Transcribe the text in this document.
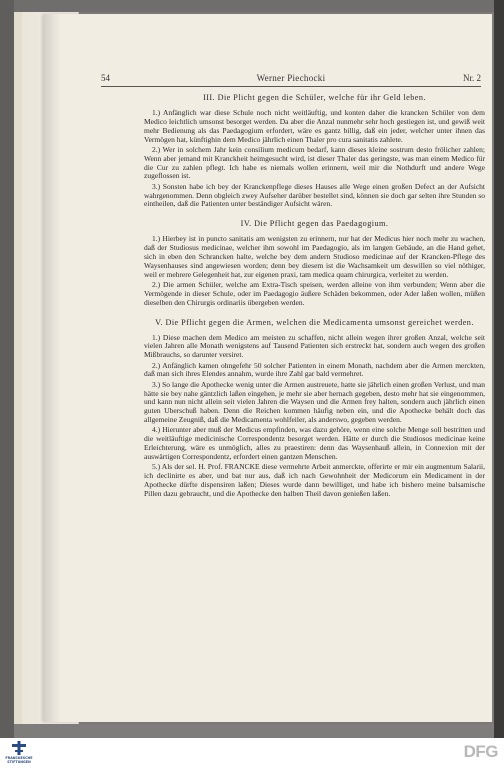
54	Werner Piechocki	Nr. 2
III. Die Plicht gegen die Schüler, welche für ihr Geld leben.

1.) Anfänglich war diese Schule noch nicht weitläuftig, und konten daher die krancken Schüler von dem Medico leichtlich umsonst besorget werden. Da aber die Anzal nunmehr sehr hoch gestiegen ist, und gewiß weit mehr Bedienung als das Paedagogium erfordert, wäre es gantz billig, daß ein jeder, welcher unter ihnen das Vermögen hat, künftighin dem Medico jährlich einen Thaler pro cura sanitatis zahlete.

2.) Wer in solchem Jahr kein consilium medicum bedarf, kann dieses kleine sostrum desto frölicher zahlen; Wenn aber jemand mit Kranckheit heimgesucht wird, ist dieser Thaler das geringste, was man einem Medico für die Cur zu zahlen pflegt. Ich habe es niemals wollen erinnern, weil mir die Nothdurft und andere Wege zugeflossen ist.

3.) Sonsten habe ich bey der Kranckenpflege dieses Hauses alle Wege einen großen Defect an der Aufsicht wahrgenommen. Denn obgleich zwey Aufseher darüber bestellet sind, können sie doch gar selten ihre Stunden so eintheilen, daß die Patienten unter beständiger Aufsicht wären.

IV. Die Pflicht gegen das Paedagogium.

1.) Hierbey ist in puncto sanitatis am wenigsten zu erinnern, nur hat der Medicus hier noch mehr zu wachen, daß der Studiosus medicinae, welcher ihm sowohl im Paedagogio, als im langen Gebäude, an die Hand gehet, sich in eben den Schrancken halte, welche bey dem andern Studioso medicinae auf der Krancken-Pflege des Waysenhauses sind angewiesen worden; denn bey diesem ist die Wachsamkeit um deswillen so viel nöthiger, weil er mehrere Gelegenheit hat, zur eigenen praxi, tam medica quam chirurgica, verleitet zu werden.

2.) Die armen Schüler, welche am Extra-Tisch speisen, werden alleine von ihm verbunden; Wenn aber die Vermögende in dieser Schule, oder im Paedagogio äußere Schäden bekommen, oder Ader laßen wollen, müßen dieselben den Chirurgis ordinariis übergeben werden.

V. Die Pflicht gegen die Armen, welchen die Medicamenta umsonst gereichet werden.

1.) Diese machen dem Medico am meisten zu schaffen, nicht allein wegen ihrer großen Anzal, welche seit vielen Jahren alle Monath wenigstens auf Tausend Patienten sich erstreckt hat, sondern auch wegen des großen Mißbrauchs, so darunter versiret.

2.) Anfänglich kamen ohngefehr 50 solcher Patienten in einem Monath, nachdem aber die Armen merckten, daß man sich ihres Elendes annahm, wurde ihre Zahl gar bald vermehret.

3.) So lange die Apothecke wenig unter die Armen austreuete, hatte sie jährlich einen großen Verlust, und man hätte sie bey nahe gäntzlich laßen eingehen, je mehr sie aber hernach gegeben, desto mehr hat sie eingenommen, und kann nun nicht allein seit vielen Jahren die Waysen und die Armen frey halten, sondern auch jährlich einen guten Uberschuß haben. Denn die Reichen kommen häufig neben ein, und die Apothecke behält doch das allgemeine Zeugniß, daß die Medicamenta wohlfeiler, als anderswo, gegeben werden.

4.) Hierunter aber muß der Medicus empfinden, was dazu gehöre, wenn eine solche Menge soll bestritten und die weitläuftige medicinische Correspondentz besorget werden. Hätte er durch die Studiosos medicinae keine Erleichterung, wäre es unmöglich, alles zu praestiren: denn das Waysenhauß allein, in Connexion mit der auswärtigen Correspondentz, erfordert einen gantzen Menschen.

5.) Als der sel. H. Prof. FRANCKE diese vermehrte Arbeit anmerckte, offerirte er mir ein augmentum Salarii, ich declinirte es aber, und bat nur aus, daß ich nach Gewohnheit der Medicorum ein Medicament in der Apothecke dürfte dispensiren laßen; Dieses wurde dann bewilliget, und habe ich bishero meine balsamische Pillen dazu gebraucht, und die Apothecke den halben Theil davon genießen laßen.

FRANCKESCHE STIFTUNGEN
DFG
